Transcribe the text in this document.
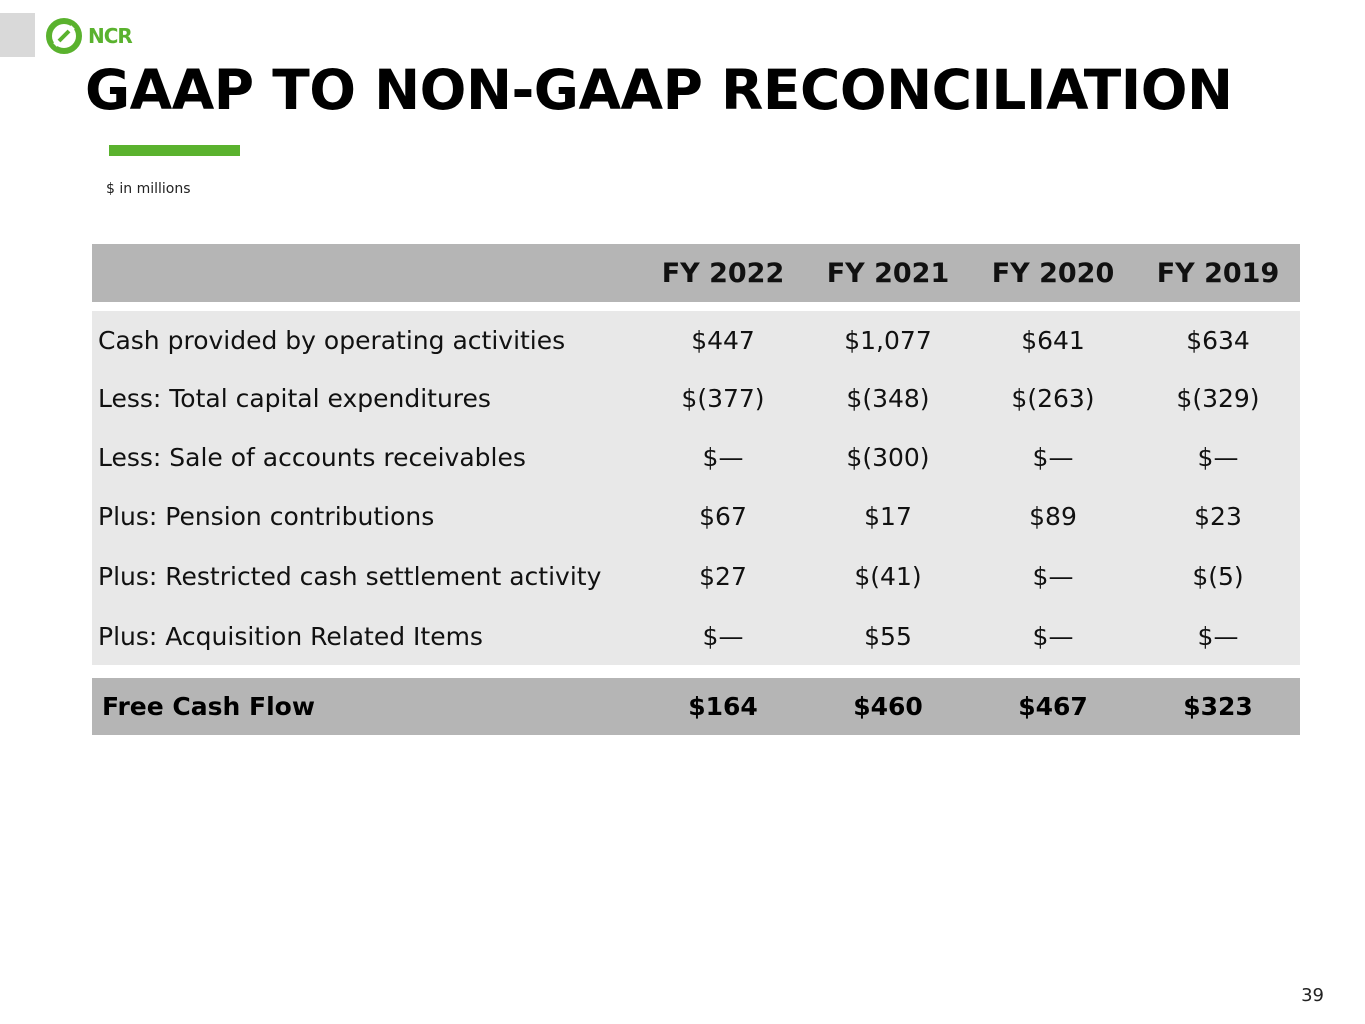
NCR
GAAP TO NON-GAAP RECONCILIATION
$ in millions
FY 2022	FY 2021	FY 2020	FY 2019
Cash provided by operating activities	$447	$1,077	$641	$634
Less: Total capital expenditures	$(377)	$(348)	$(263)	$(329)
Less: Sale of accounts receivables	$—	$(300)	$—	$—
Plus: Pension contributions	$67	$17	$89	$23
Plus: Restricted cash settlement activity	$27	$(41)	$—	$(5)
Plus: Acquisition Related Items	$—	$55	$—	$—
Free Cash Flow	$164	$460	$467	$323
39
